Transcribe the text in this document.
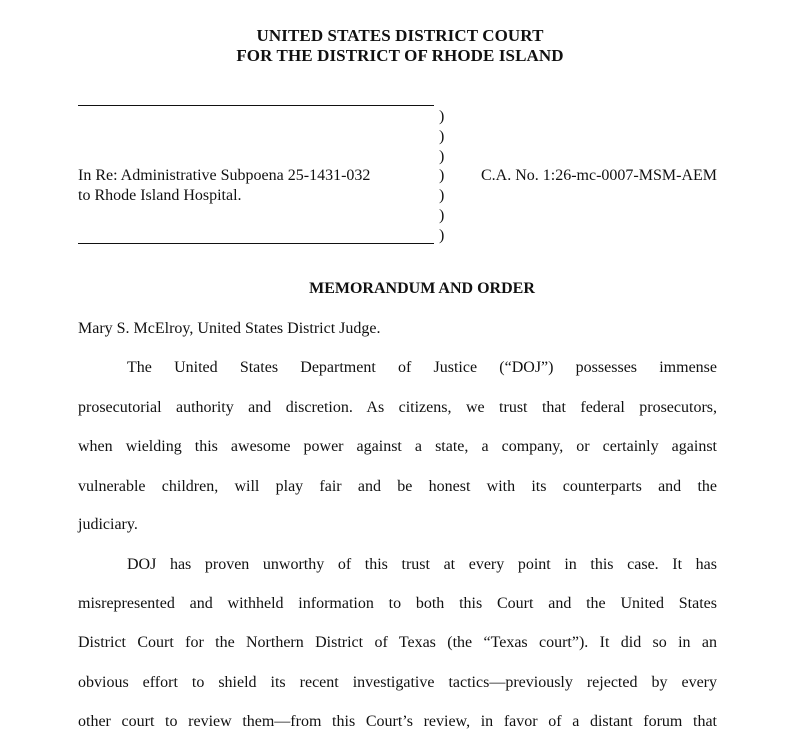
UNITED STATES DISTRICT COURT
FOR THE DISTRICT OF RHODE ISLAND
)
)
)
)
)
)
)
In Re: Administrative Subpoena 25-1431-032
to Rhode Island Hospital.
C.A. No. 1:26-mc-0007-MSM-AEM
MEMORANDUM AND ORDER
Mary S. McElroy, United States District Judge.
The United States Department of Justice (“DOJ”) possesses immense
prosecutorial authority and discretion. As citizens, we trust that federal prosecutors,
when wielding this awesome power against a state, a company, or certainly against
vulnerable children, will play fair and be honest with its counterparts and the
judiciary.
DOJ has proven unworthy of this trust at every point in this case. It has
misrepresented and withheld information to both this Court and the United States
District Court for the Northern District of Texas (the “Texas court”). It did so in an
obvious effort to shield its recent investigative tactics—previously rejected by every
other court to review them—from this Court’s review, in favor of a distant forum that
